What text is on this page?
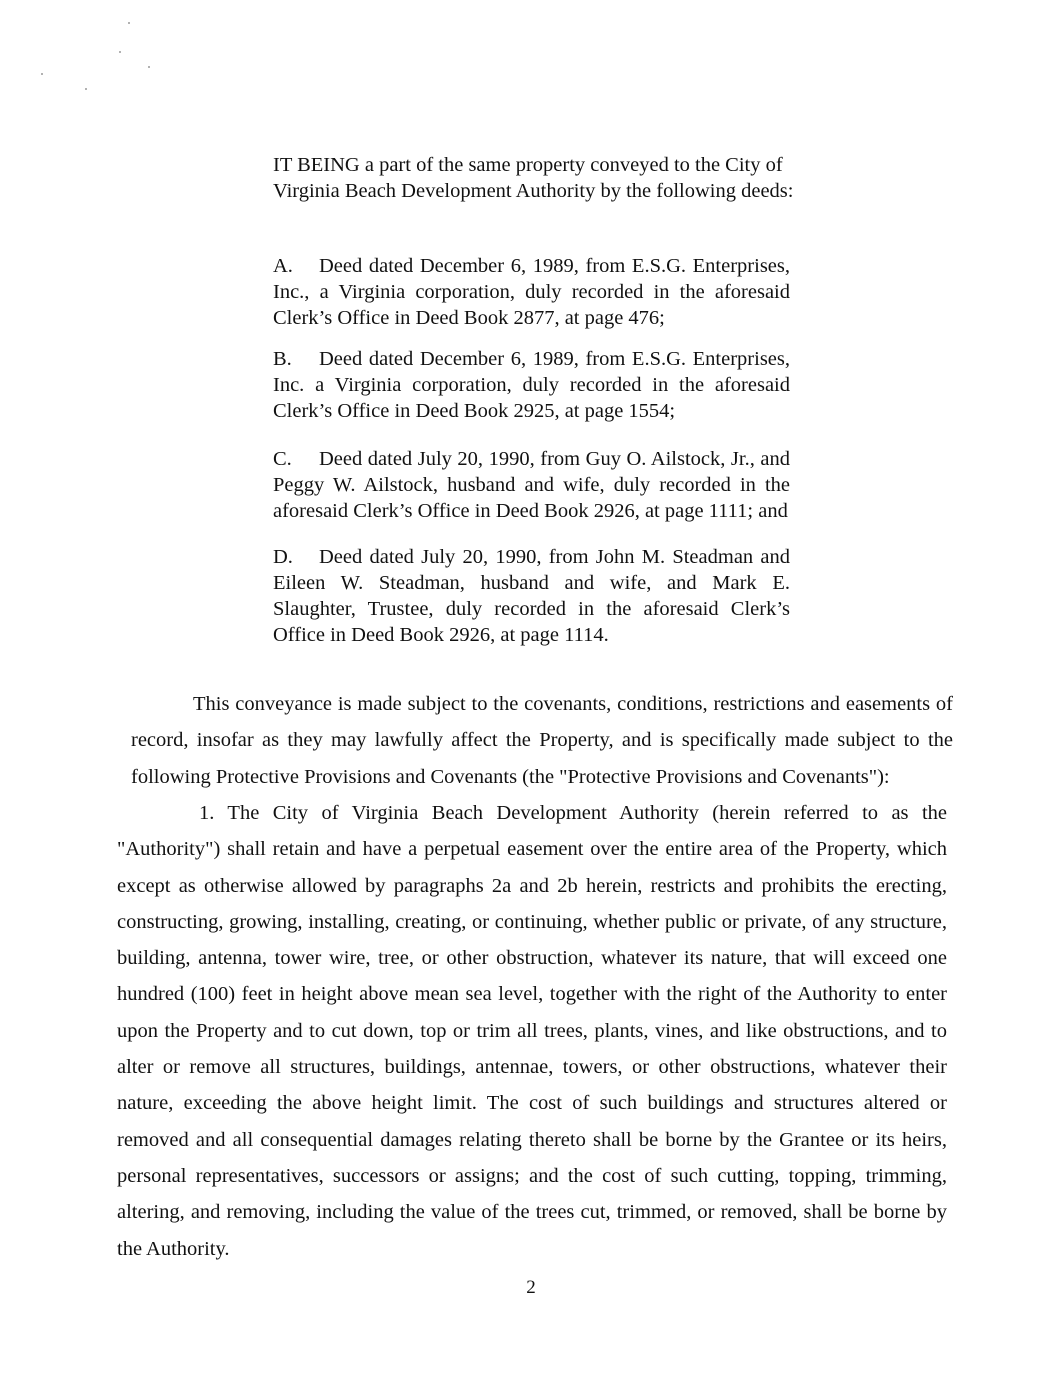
IT BEING a part of the same property conveyed to the City of Virginia Beach Development Authority by the following deeds:

A. Deed dated December 6, 1989, from E.S.G. Enterprises, Inc., a Virginia corporation, duly recorded in the aforesaid Clerk’s Office in Deed Book 2877, at page 476;

B. Deed dated December 6, 1989, from E.S.G. Enterprises, Inc. a Virginia corporation, duly recorded in the aforesaid Clerk’s Office in Deed Book 2925, at page 1554;

C. Deed dated July 20, 1990, from Guy O. Ailstock, Jr., and Peggy W. Ailstock, husband and wife, duly recorded in the aforesaid Clerk’s Office in Deed Book 2926, at page 1111; and

D. Deed dated July 20, 1990, from John M. Steadman and Eileen W. Steadman, husband and wife, and Mark E. Slaughter, Trustee, duly recorded in the aforesaid Clerk’s Office in Deed Book 2926, at page 1114.

This conveyance is made subject to the covenants, conditions, restrictions and easements of record, insofar as they may lawfully affect the Property, and is specifically made subject to the following Protective Provisions and Covenants (the "Protective Provisions and Covenants"):

1. The City of Virginia Beach Development Authority (herein referred to as the "Authority") shall retain and have a perpetual easement over the entire area of the Property, which except as otherwise allowed by paragraphs 2a and 2b herein, restricts and prohibits the erecting, constructing, growing, installing, creating, or continuing, whether public or private, of any structure, building, antenna, tower wire, tree, or other obstruction, whatever its nature, that will exceed one hundred (100) feet in height above mean sea level, together with the right of the Authority to enter upon the Property and to cut down, top or trim all trees, plants, vines, and like obstructions, and to alter or remove all structures, buildings, antennae, towers, or other obstructions, whatever their nature, exceeding the above height limit. The cost of such buildings and structures altered or removed and all consequential damages relating thereto shall be borne by the Grantee or its heirs, personal representatives, successors or assigns; and the cost of such cutting, topping, trimming, altering, and removing, including the value of the trees cut, trimmed, or removed, shall be borne by the Authority.

2
